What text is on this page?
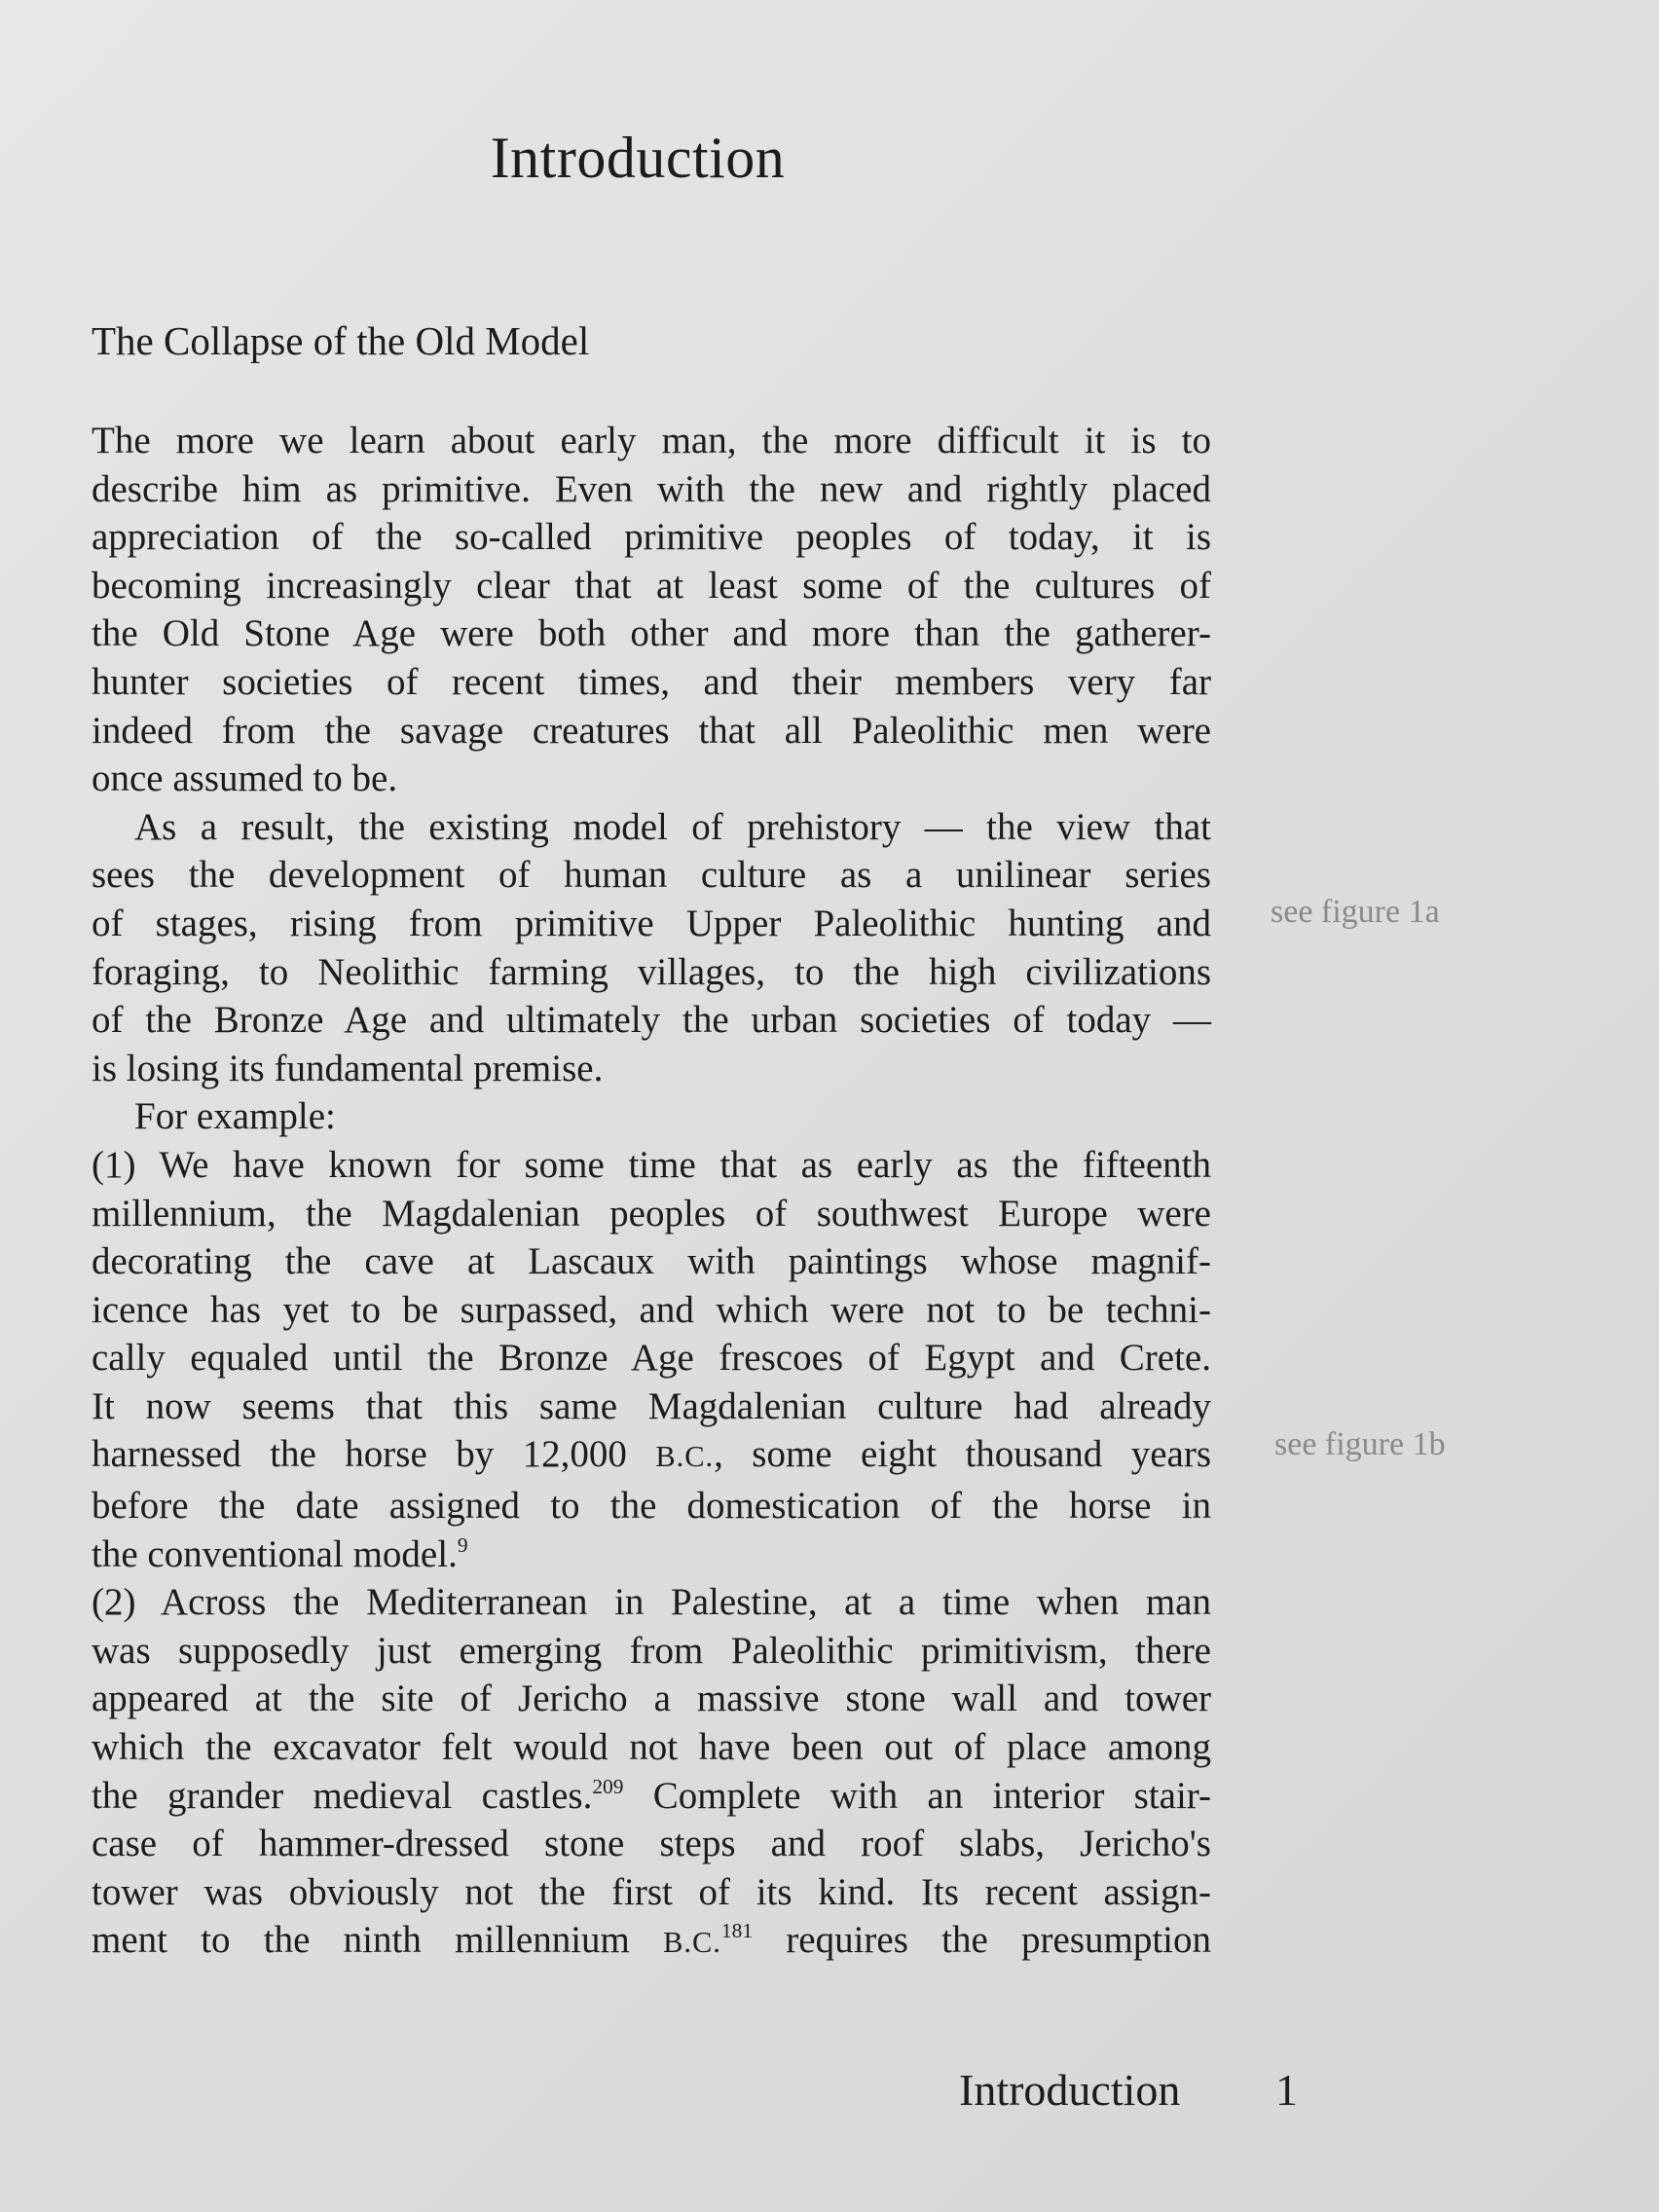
Introduction
The Collapse of the Old Model
The more we learn about early man, the more difficult it is to
describe him as primitive. Even with the new and rightly placed
appreciation of the so-called primitive peoples of today, it is
becoming increasingly clear that at least some of the cultures of
the Old Stone Age were both other and more than the gatherer-
hunter societies of recent times, and their members very far
indeed from the savage creatures that all Paleolithic men were
once assumed to be.
As a result, the existing model of prehistory — the view that
sees the development of human culture as a unilinear series
of stages, rising from primitive Upper Paleolithic hunting and
foraging, to Neolithic farming villages, to the high civilizations
of the Bronze Age and ultimately the urban societies of today —
is losing its fundamental premise.
For example:
(1) We have known for some time that as early as the fifteenth
millennium, the Magdalenian peoples of southwest Europe were
decorating the cave at Lascaux with paintings whose magnif-
icence has yet to be surpassed, and which were not to be techni-
cally equaled until the Bronze Age frescoes of Egypt and Crete.
It now seems that this same Magdalenian culture had already
harnessed the horse by 12,000 B.C., some eight thousand years
before the date assigned to the domestication of the horse in
the conventional model.$^9$
(2) Across the Mediterranean in Palestine, at a time when man
was supposedly just emerging from Paleolithic primitivism, there
appeared at the site of Jericho a massive stone wall and tower
which the excavator felt would not have been out of place among
the grander medieval castles.$^{209}$ Complete with an interior stair-
case of hammer-dressed stone steps and roof slabs, Jericho's
tower was obviously not the first of its kind. Its recent assign-
ment to the ninth millennium B.C.$^{181}$ requires the presumption
see figure 1a
see figure 1b
Introduction 1
